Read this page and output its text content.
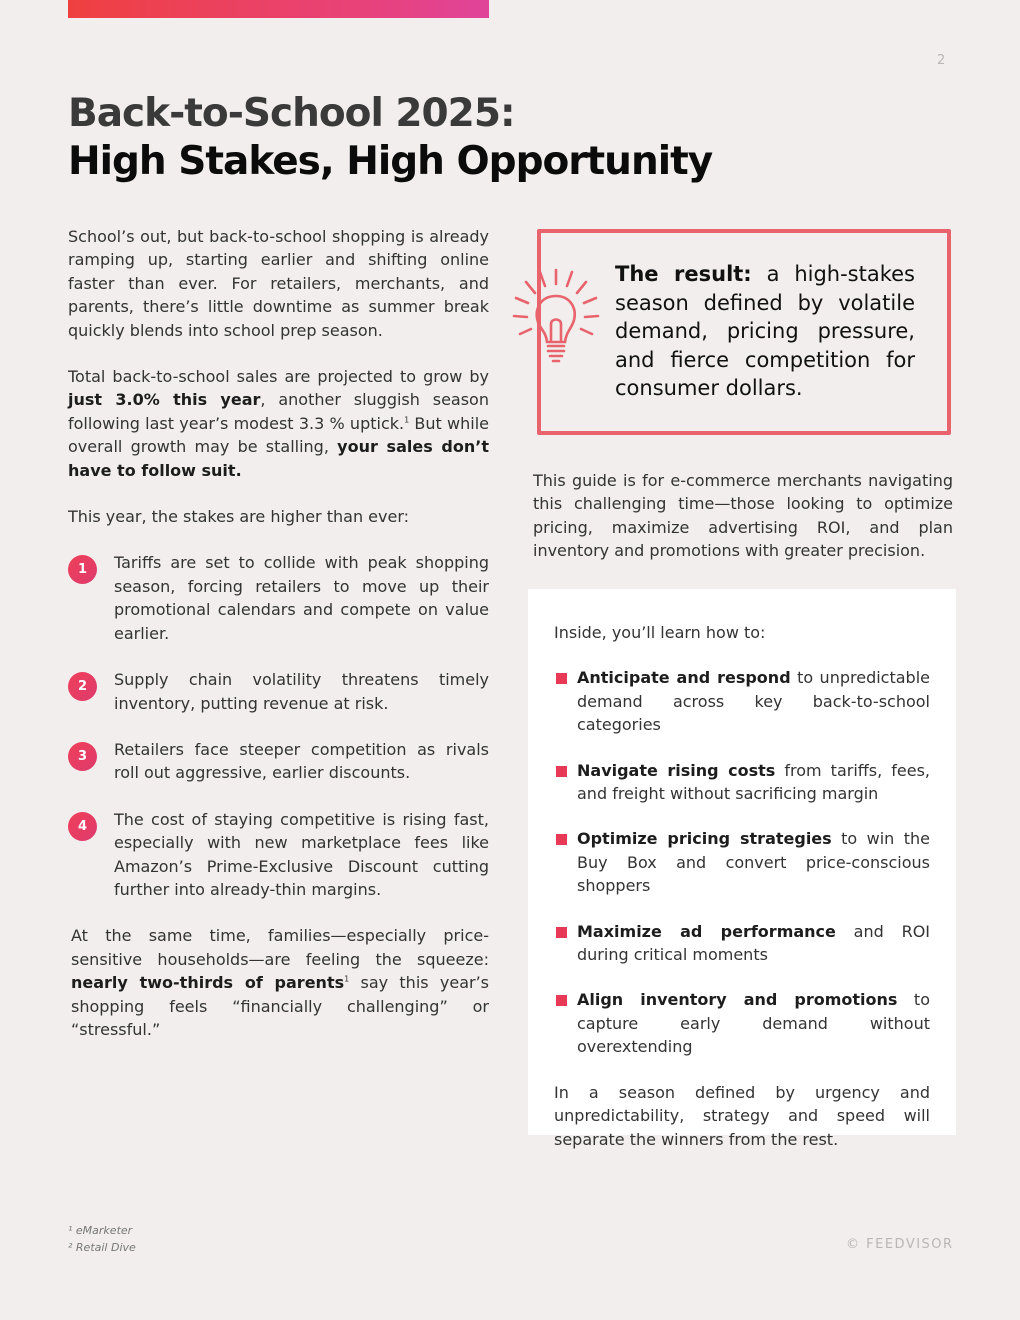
2
Back-to-School 2025:
High Stakes, High Opportunity

School’s out, but back-to-school shopping is already ramping up, starting earlier and shifting online faster than ever. For retailers, merchants, and parents, there’s little downtime as summer break quickly blends into school prep season.

Total back-to-school sales are projected to grow by just 3.0% this year, another sluggish season following last year’s modest 3.3 % uptick.$^1$ But while overall growth may be stalling, your sales don’t have to follow suit.

This year, the stakes are higher than ever:

1	Tariffs are set to collide with peak shopping season, forcing retailers to move up their promotional calendars and compete on value earlier.
2	Supply chain volatility threatens timely inventory, putting revenue at risk.
3	Retailers face steeper competition as rivals roll out aggressive, earlier discounts.
4	The cost of staying competitive is rising fast, especially with new marketplace fees like Amazon’s Prime-Exclusive Discount cutting further into already-thin margins.

At the same time, families—especially price-sensitive households—are feeling the squeeze: nearly two-thirds of parents$^1$ say this year’s shopping feels “financially challenging” or “stressful.”

The result: a high-stakes season defined by volatile demand, pricing pressure, and fierce competition for consumer dollars.

This guide is for e-commerce merchants navigating this challenging time—those looking to optimize pricing, maximize advertising ROI, and plan inventory and promotions with greater precision.

Inside, you’ll learn how to:

Anticipate and respond to unpredictable demand across key back-to-school categories
Navigate rising costs from tariffs, fees, and freight without sacrificing margin
Optimize pricing strategies to win the Buy Box and convert price-conscious shoppers
Maximize ad performance and ROI during critical moments
Align inventory and promotions to capture early demand without overextending

In a season defined by urgency and unpredictability, strategy and speed will separate the winners from the rest.

¹ eMarketer
² Retail Dive	© FEEDVISOR
